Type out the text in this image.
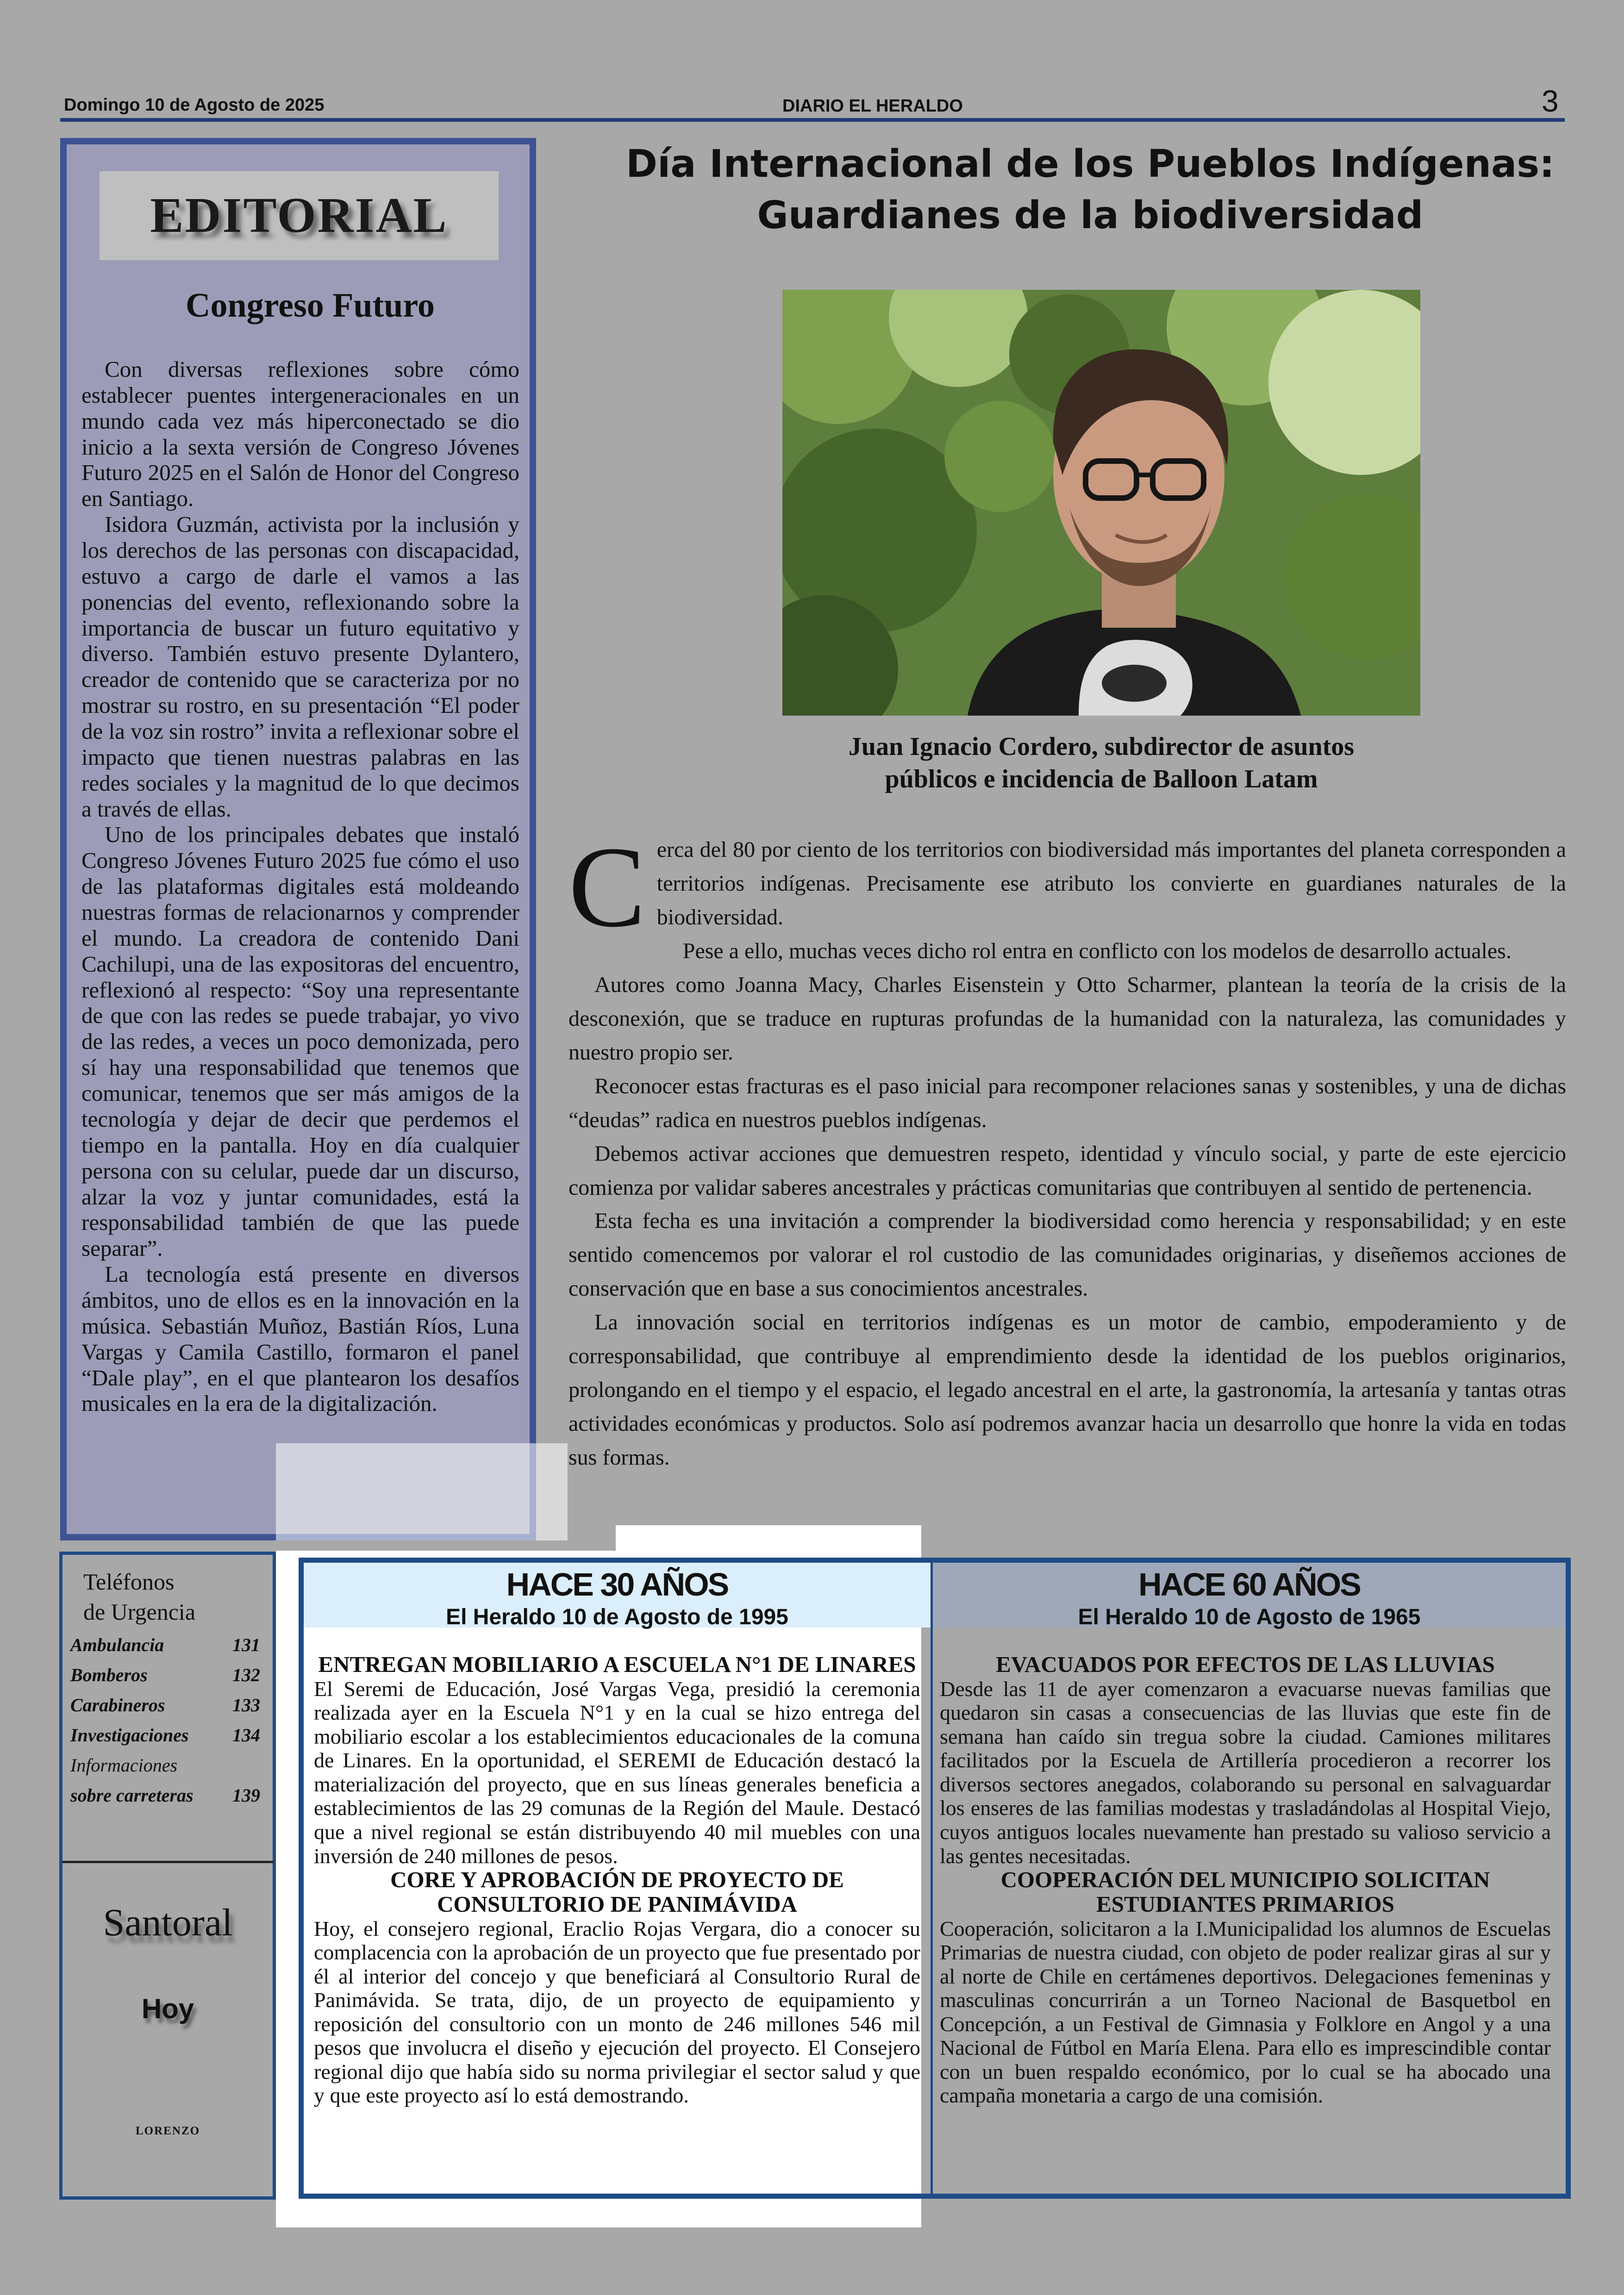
Domingo 10 de Agosto de 2025	DIARIO EL HERALDO	3
EDITORIAL
Congreso Futuro

Con diversas reflexiones sobre cómo establecer puentes intergeneracionales en un mundo cada vez más hiperconectado se dio inicio a la sexta versión de Congreso Jóvenes Futuro 2025 en el Salón de Honor del Congreso en Santiago.

Isidora Guzmán, activista por la inclusión y los derechos de las personas con discapacidad, estuvo a cargo de darle el vamos a las ponencias del evento, reflexionando sobre la importancia de buscar un futuro equitativo y diverso. También estuvo presente Dylantero, creador de contenido que se caracteriza por no mostrar su rostro, en su presentación “El poder de la voz sin rostro” invita a reflexionar sobre el impacto que tienen nuestras palabras en las redes sociales y la magnitud de lo que decimos a través de ellas.

Uno de los principales debates que instaló Congreso Jóvenes Futuro 2025 fue cómo el uso de las plataformas digitales está moldeando nuestras formas de relacionarnos y comprender el mundo. La creadora de contenido Dani Cachilupi, una de las expositoras del encuentro, reflexionó al respecto: “Soy una representante de que con las redes se puede trabajar, yo vivo de las redes, a veces un poco demonizada, pero sí hay una responsabilidad que tenemos que comunicar, tenemos que ser más amigos de la tecnología y dejar de decir que perdemos el tiempo en la pantalla. Hoy en día cualquier persona con su celular, puede dar un discurso, alzar la voz y juntar comunidades, está la responsabilidad también de que las puede separar”.

La tecnología está presente en diversos ámbitos, uno de ellos es en la innovación en la música. Sebastián Muñoz, Bastián Ríos, Luna Vargas y Camila Castillo, formaron el panel “Dale play”, en el que plantearon los desafíos musicales en la era de la digitalización.

Día Internacional de los Pueblos Indígenas:
Guardianes de la biodiversidad
Juan Ignacio Cordero, subdirector de asuntos
públicos e incidencia de Balloon Latam

Cerca del 80 por ciento de los territorios con biodiversidad más importantes del planeta corresponden a territorios indígenas. Precisamente ese atributo los convierte en guardianes naturales de la biodiversidad.

Pese a ello, muchas veces dicho rol entra en conflicto con los modelos de desarrollo actuales.

Autores como Joanna Macy, Charles Eisenstein y Otto Scharmer, plantean la teoría de la crisis de la desconexión, que se traduce en rupturas profundas de la humanidad con la naturaleza, las comunidades y nuestro propio ser.

Reconocer estas fracturas es el paso inicial para recomponer relaciones sanas y sostenibles, y una de dichas “deudas” radica en nuestros pueblos indígenas.

Debemos activar acciones que demuestren respeto, identidad y vínculo social, y parte de este ejercicio comienza por validar saberes ancestrales y prácticas comunitarias que contribuyen al sentido de pertenencia.

Esta fecha es una invitación a comprender la biodiversidad como herencia y responsabilidad; y en este sentido comencemos por valorar el rol custodio de las comunidades originarias, y diseñemos acciones de conservación que en base a sus conocimientos ancestrales.

La innovación social en territorios indígenas es un motor de cambio, empoderamiento y de corresponsabilidad, que contribuye al emprendimiento desde la identidad de los pueblos originarios, prolongando en el tiempo y el espacio, el legado ancestral en el arte, la gastronomía, la artesanía y tantas otras actividades económicas y productos. Solo así podremos avanzar hacia un desarrollo que honre la vida en todas sus formas.

Teléfonos
de Urgencia
Ambulancia	131
Bomberos	132
Carabineros	133
Investigaciones 134
Informaciones
sobre carreteras 139
Santoral
Hoy
LORENZO
HACE 30 AÑOS
El Heraldo 10 de Agosto de 1995
HACE 60 AÑOS
El Heraldo 10 de Agosto de 1965
ENTREGAN MOBILIARIO A ESCUELA N°1 DE LINARES

El Seremi de Educación, José Vargas Vega, presidió la ceremonia realizada ayer en la Escuela N°1 y en la cual se hizo entrega del mobiliario escolar a los establecimientos educacionales de la comuna de Linares. En la oportunidad, el SEREMI de Educación destacó la materialización del proyecto, que en sus líneas generales beneficia a establecimientos de las 29 comunas de la Región del Maule. Destacó que a nivel regional se están distribuyendo 40 mil muebles con una inversión de 240 millones de pesos.

CORE Y APROBACIÓN DE PROYECTO DE CONSULTORIO DE PANIMÁVIDA

Hoy, el consejero regional, Eraclio Rojas Vergara, dio a conocer su complacencia con la aprobación de un proyecto que fue presentado por él al interior del concejo y que beneficiará al Consultorio Rural de Panimávida. Se trata, dijo, de un proyecto de equipamiento y reposición del consultorio con un monto de 246 millones 546 mil pesos que involucra el diseño y ejecución del proyecto. El Consejero regional dijo que había sido su norma privilegiar el sector salud y que y que este proyecto así lo está demostrando.

EVACUADOS POR EFECTOS DE LAS LLUVIAS

Desde las 11 de ayer comenzaron a evacuarse nuevas familias que quedaron sin casas a consecuencias de las lluvias que este fin de semana han caído sin tregua sobre la ciudad. Camiones militares facilitados por la Escuela de Artillería procedieron a recorrer los diversos sectores anegados, colaborando su personal en salvaguardar los enseres de las familias modestas y trasladándolas al Hospital Viejo, cuyos antiguos locales nuevamente han prestado su valioso servicio a las gentes necesitadas.

COOPERACIÓN DEL MUNICIPIO SOLICITAN ESTUDIANTES PRIMARIOS

Cooperación, solicitaron a la I.Municipalidad los alumnos de Escuelas Primarias de nuestra ciudad, con objeto de poder realizar giras al sur y al norte de Chile en certámenes deportivos. Delegaciones femeninas y masculinas concurrirán a un Torneo Nacional de Basquetbol en Concepción, a un Festival de Gimnasia y Folklore en Angol y a una Nacional de Fútbol en María Elena. Para ello es imprescindible contar con un buen respaldo económico, por lo cual se ha abocado una campaña monetaria a cargo de una comisión.
